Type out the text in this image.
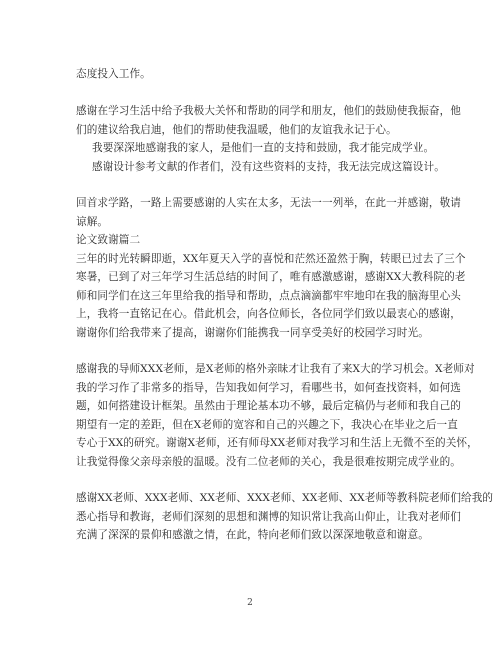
态度投入工作。
感谢在学习生活中给予我极大关怀和帮助的同学和朋友，他们的鼓励使我振奋，他
们的建议给我启迪，他们的帮助使我温暖，他们的友谊我永记于心。
我要深深地感谢我的家人，是他们一直的支持和鼓励，我才能完成学业。
感谢设计参考文献的作者们，没有这些资料的支持，我无法完成这篇设计。
回首求学路，一路上需要感谢的人实在太多，无法一一列举，在此一并感谢，敬请
谅解。
论文致谢篇二
三年的时光转瞬即逝，XX年夏天入学的喜悦和茫然还盈然于胸，转眼已过去了三个
寒暑，已到了对三年学习生活总结的时间了，唯有感激感谢，感谢XX大教科院的老
师和同学们在这三年里给我的指导和帮助，点点滴滴都牢牢地印在我的脑海里心头
上，我将一直铭记在心。借此机会，向各位师长，各位同学们致以最衷心的感谢，
谢谢你们给我带来了提高，谢谢你们能携我一同享受美好的校园学习时光。
感谢我的导师XXX老师，是X老师的格外亲昧才让我有了来X大的学习机会。X老师对
我的学习作了非常多的指导，告知我如何学习，看哪些书，如何查找资料，如何选
题，如何搭建设计框架。虽然由于理论基本功不够，最后定稿仍与老师和我自己的
期望有一定的差距，但在X老师的宽容和自己的兴趣之下，我决心在毕业之后一直
专心于XX的研究。谢谢X老师，还有师母XX老师对我学习和生活上无微不至的关怀，
让我觉得像父亲母亲般的温暖。没有二位老师的关心，我是很难按期完成学业的。
感谢XX老师、XXX老师、XX老师、XXX老师、XX老师、XX老师等教科院老师们给我的
悉心指导和教诲，老师们深刻的思想和渊博的知识常让我高山仰止，让我对老师们
充满了深深的景仰和感激之情，在此，特向老师们致以深深地敬意和谢意。
2
